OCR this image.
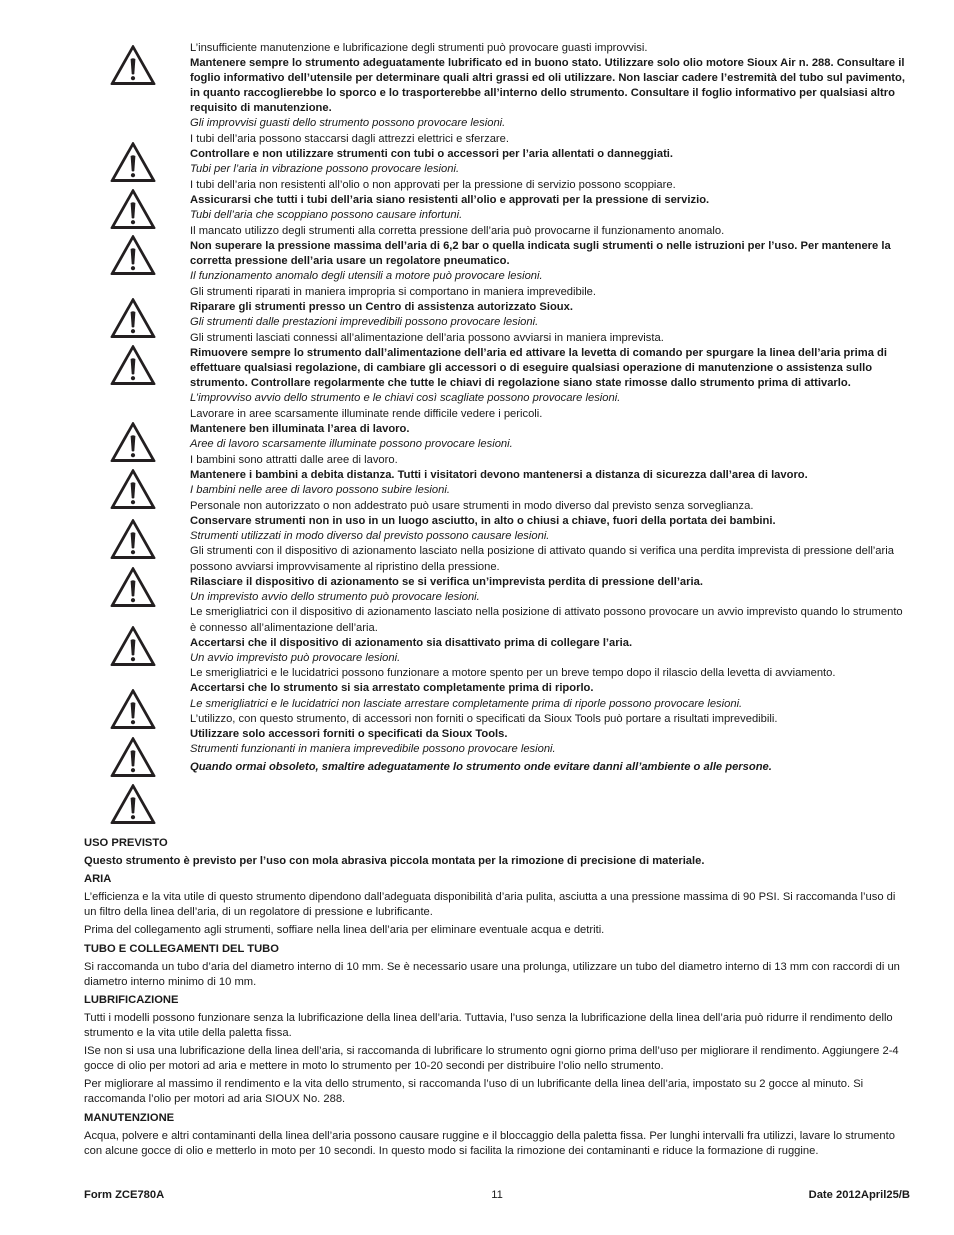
L’insufficiente manutenzione e lubrificazione degli strumenti può provocare guasti improvvisi.

Mantenere sempre lo strumento adeguatamente lubrificato ed in buono stato. Utilizzare solo olio motore Sioux Air n. 288. Consultare il foglio informativo dell’utensile per determinare quali altri grassi ed oli utilizzare. Non lasciar cadere l’estremità del tubo sul pavimento, in quanto raccoglierebbe lo sporco e lo trasporterebbe all’interno dello strumento. Consultare il foglio informativo per qualsiasi altro requisito di manutenzione.

Gli improvvisi guasti dello strumento possono provocare lesioni.

I tubi dell’aria possono staccarsi dagli attrezzi elettrici e sferzare.

Controllare e non utilizzare strumenti con tubi o accessori per l’aria allentati o danneggiati.

Tubi per l’aria in vibrazione possono provocare lesioni.

I tubi dell’aria non resistenti all’olio o non approvati per la pressione di servizio possono scoppiare.

Assicurarsi che tutti i tubi dell’aria siano resistenti all’olio e approvati per la pressione di servizio.

Tubi dell’aria che scoppiano possono causare infortuni.

Il mancato utilizzo degli strumenti alla corretta pressione dell’aria può provocarne il funzionamento anomalo.

Non superare la pressione massima dell’aria di 6,2 bar o quella indicata sugli strumenti o nelle istruzioni per l’uso. Per mantenere la corretta pressione dell’aria usare un regolatore pneumatico.

Il funzionamento anomalo degli utensili a motore può provocare lesioni.

Gli strumenti riparati in maniera impropria si comportano in maniera imprevedibile.

Riparare gli strumenti presso un Centro di assistenza autorizzato Sioux.

Gli strumenti dalle prestazioni imprevedibili possono provocare lesioni.

Gli strumenti lasciati connessi all’alimentazione dell’aria possono avviarsi in maniera imprevista.

Rimuovere sempre lo strumento dall’alimentazione dell’aria ed attivare la levetta di comando per spurgare la linea dell’aria prima di effettuare qualsiasi regolazione, di cambiare gli accessori o di eseguire qualsiasi operazione di manutenzione o assistenza sullo strumento. Controllare regolarmente che tutte le chiavi di regolazione siano state rimosse dallo strumento prima di attivarlo.

L’improvviso avvio dello strumento e le chiavi così scagliate possono provocare lesioni.

Lavorare in aree scarsamente illuminate rende difficile vedere i pericoli.

Mantenere ben illuminata l’area di lavoro.

Aree di lavoro scarsamente illuminate possono provocare lesioni.

I bambini sono attratti dalle aree di lavoro.

Mantenere i bambini a debita distanza. Tutti i visitatori devono mantenersi a distanza di sicurezza dall’area di lavoro.

I bambini nelle aree di lavoro possono subire lesioni.

Personale non autorizzato o non addestrato può usare strumenti in modo diverso dal previsto senza sorveglianza.

Conservare strumenti non in uso in un luogo asciutto, in alto o chiusi a chiave, fuori della portata dei bambini.

Strumenti utilizzati in modo diverso dal previsto possono causare lesioni.

Gli strumenti con il dispositivo di azionamento lasciato nella posizione di attivato quando si verifica una perdita imprevista di pressione dell’aria possono avviarsi improvvisamente al ripristino della pressione.

Rilasciare il dispositivo di azionamento se si verifica un’imprevista perdita di pressione dell’aria.

Un imprevisto avvio dello strumento può provocare lesioni.

Le smerigliatrici con il dispositivo di azionamento lasciato nella posizione di attivato possono provocare un avvio imprevisto quando lo strumento è connesso all’alimentazione dell’aria.

Accertarsi che il dispositivo di azionamento sia disattivato prima di collegare l’aria.

Un avvio imprevisto può provocare lesioni.

Le smerigliatrici e le lucidatrici possono funzionare a motore spento per un breve tempo dopo il rilascio della levetta di avviamento.

Accertarsi che lo strumento si sia arrestato completamente prima di riporlo.

Le smerigliatrici e le lucidatrici non lasciate arrestare completamente prima di riporle possono provocare lesioni.

L’utilizzo, con questo strumento, di accessori non forniti o specificati da Sioux Tools può portare a risultati imprevedibili.

Utilizzare solo accessori forniti o specificati da Sioux Tools.

Strumenti funzionanti in maniera imprevedibile possono provocare lesioni.

Quando ormai obsoleto, smaltire adeguatamente lo strumento onde evitare danni all’ambiente o alle persone.

USO PREVISTO

Questo strumento è previsto per l’uso con mola abrasiva piccola montata per la rimozione di precisione di materiale.

ARIA

L’efficienza e la vita utile di questo strumento dipendono dall’adeguata disponibilità d’aria pulita, asciutta a una pressione massima di 90 PSI. Si raccomanda l’uso di un filtro della linea dell’aria, di un regolatore di pressione e lubrificante.

Prima del collegamento agli strumenti, soffiare nella linea dell’aria per eliminare eventuale acqua e detriti.

TUBO E COLLEGAMENTI DEL TUBO

Si raccomanda un tubo d’aria del diametro interno di 10 mm. Se è necessario usare una prolunga, utilizzare un tubo del diametro interno di 13 mm con raccordi di un diametro interno minimo di 10 mm.

LUBRIFICAZIONE

Tutti i modelli possono funzionare senza la lubrificazione della linea dell’aria. Tuttavia, l’uso senza la lubrificazione della linea dell’aria può ridurre il rendimento dello strumento e la vita utile della paletta fissa.

ISe non si usa una lubrificazione della linea dell’aria, si raccomanda di lubrificare lo strumento ogni giorno prima dell’uso per migliorare il rendimento. Aggiungere 2-4 gocce di olio per motori ad aria e mettere in moto lo strumento per 10-20 secondi per distribuire l’olio nello strumento.

Per migliorare al massimo il rendimento e la vita dello strumento, si raccomanda l’uso di un lubrificante della linea dell’aria, impostato su 2 gocce al minuto. Si raccomanda l’olio per motori ad aria SIOUX No. 288.

MANUTENZIONE

Acqua, polvere e altri contaminanti della linea dell’aria possono causare ruggine e il bloccaggio della paletta fissa. Per lunghi intervalli fra utilizzi, lavare lo strumento con alcune gocce di olio e metterlo in moto per 10 secondi. In questo modo si facilita la rimozione dei contaminanti e riduce la formazione di ruggine.

Form ZCE780A	11	Date 2012April25/B
